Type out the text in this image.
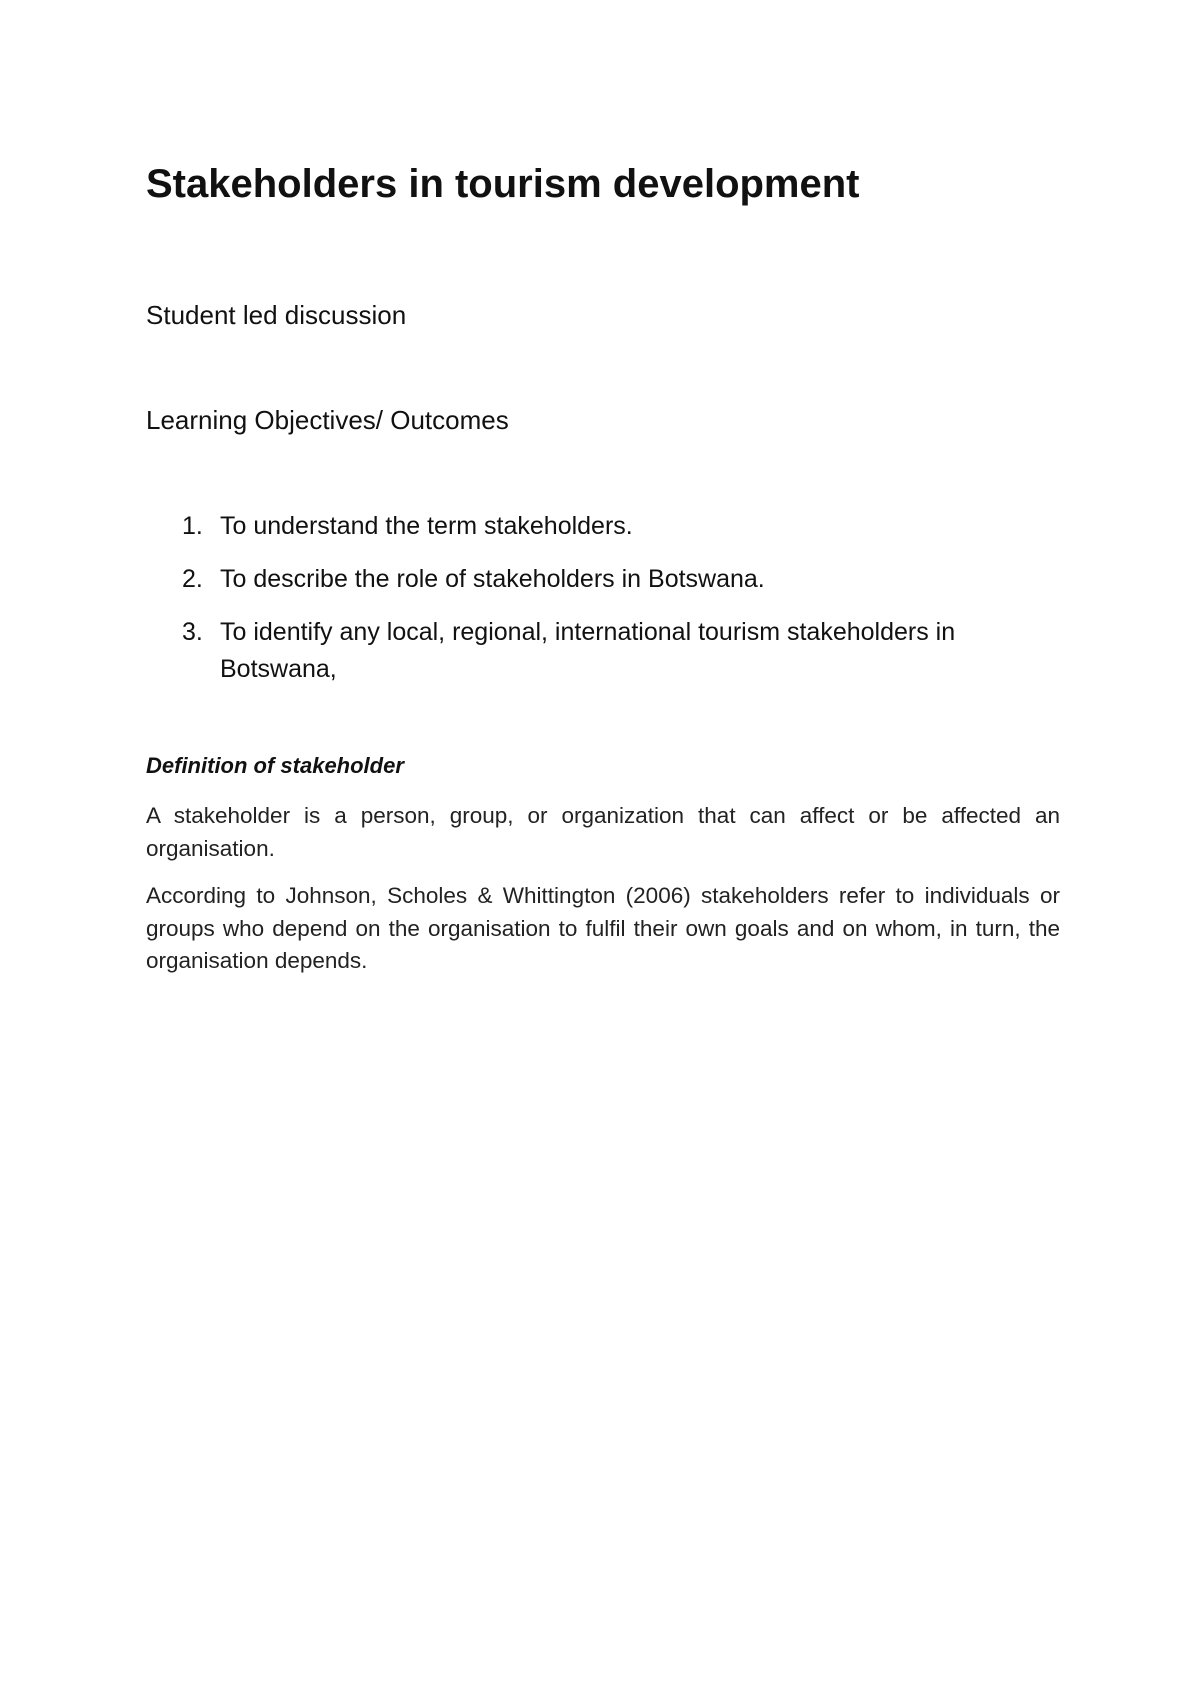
Stakeholders in tourism development

Student led discussion

Learning Objectives/ Outcomes

1. To understand the term stakeholders.
2. To describe the role of stakeholders in Botswana.
3. To identify any local, regional, international tourism stakeholders in Botswana,

Definition of stakeholder

A stakeholder is a person, group, or organization that can affect or be affected an organisation.

According to Johnson, Scholes & Whittington (2006) stakeholders refer to individuals or groups who depend on the organisation to fulfil their own goals and on whom, in turn, the organisation depends.
